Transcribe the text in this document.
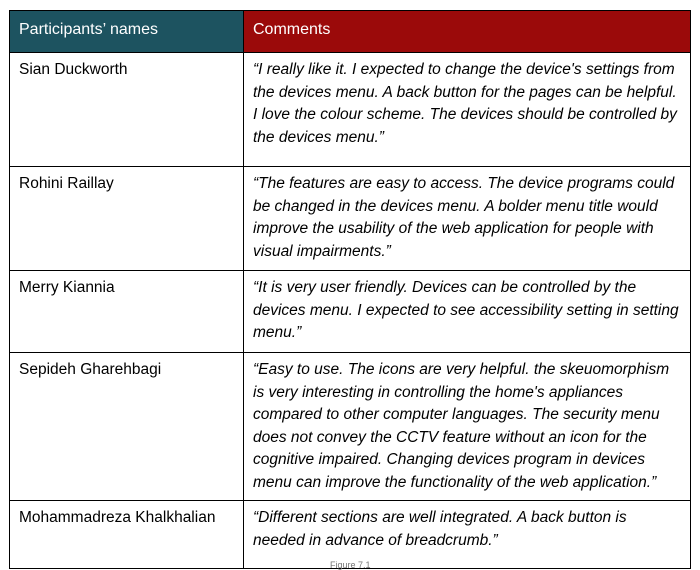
Participants’ names	Comments
Sian Duckworth	“I really like it. I expected to change the device's settings from the devices menu. A back button for the pages can be helpful. I love the colour scheme. The devices should be controlled by the devices menu.”
Rohini Raillay	“The features are easy to access. The device programs could be changed in the devices menu. A bolder menu title would improve the usability of the web application for people with visual impairments.”
Merry Kiannia	“It is very user friendly. Devices can be controlled by the devices menu. I expected to see accessibility setting in setting menu.”
Sepideh Gharehbagi	“Easy to use. The icons are very helpful. the skeuomorphism is very interesting in controlling the home's appliances compared to other computer languages. The security menu does not convey the CCTV feature without an icon for the cognitive impaired. Changing devices program in devices menu can improve the functionality of the web application.”
Mohammadreza Khalkhalian	“Different sections are well integrated. A back button is needed in advance of breadcrumb.”
Figure 7.1
